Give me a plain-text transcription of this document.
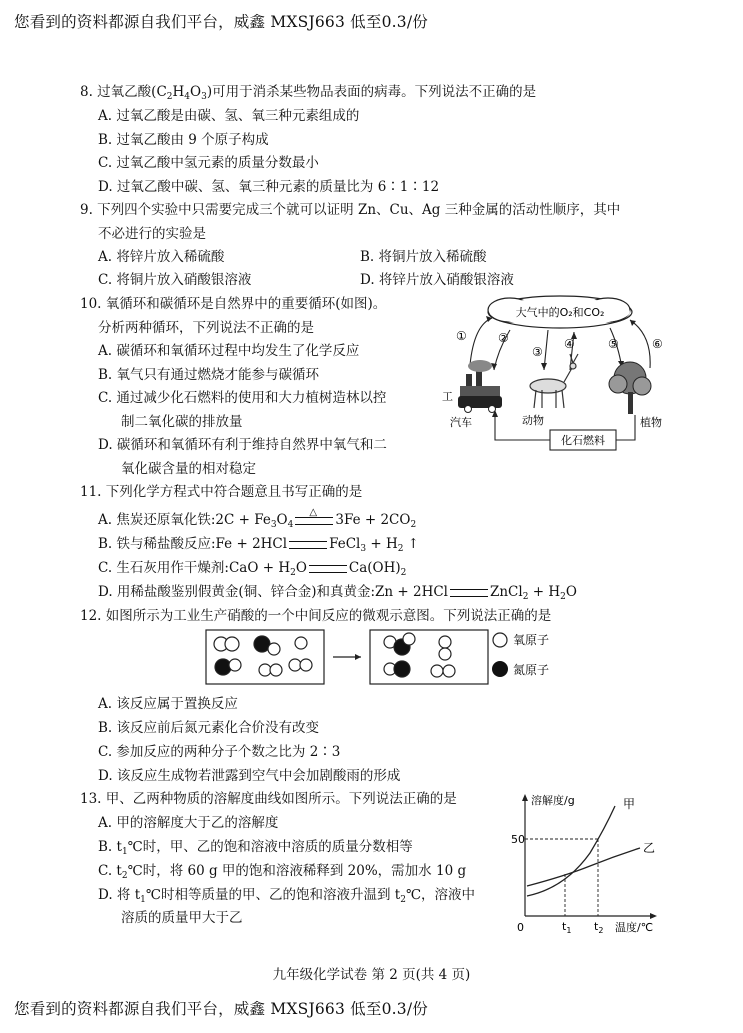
您看到的资料都源自我们平台，威鑫 MXSJ663 低至0.3/份
8. 过氧乙酸$(C_2H_4O_3)$可用于消杀某些物品表面的病毒。下列说法不正确的是
A. 过氧乙酸是由碳、氢、氧三种元素组成的
B. 过氧乙酸由 9 个原子构成
C. 过氧乙酸中氢元素的质量分数最小
D. 过氧乙酸中碳、氢、氧三种元素的质量比为 6∶1∶12
9. 下列四个实验中只需要完成三个就可以证明 Zn、Cu、Ag 三种金属的活动性顺序，其中
不必进行的实验是
A. 将锌片放入稀硫酸	B. 将铜片放入稀硫酸
C. 将铜片放入硝酸银溶液	D. 将锌片放入硝酸银溶液
10. 氧循环和碳循环是自然界中的重要循环(如图)。
分析两种循环，下列说法不正确的是
A. 碳循环和氧循环过程中均发生了化学反应
B. 氧气只有通过燃烧才能参与碳循环
C. 通过减少化石燃料的使用和大力植树造林以控
制二氧化碳的排放量
D. 碳循环和氧循环有利于维持自然界中氧气和二
氧化碳含量的相对稳定
大气中的O₂和CO₂
①	②
③
④	⑤	⑥
工
汽车	动物	植物
化石燃料
11. 下列化学方程式中符合题意且书写正确的是
A. 焦炭还原氧化铁:2C + $Fe_3O_4$
△ $3Fe + 2CO_2$
B. 铁与稀盐酸反应:Fe + 2HCl	FeCl$_3$ + $H_2$ ↑
C. 生石灰用作干燥剂:CaO + $H_2O$	$Ca(OH)_2$
D. 用稀盐酸鉴别假黄金(铜、锌合金)和真黄金:Zn + 2HCl	ZnCl$_2$ + $H_2O$
12. 如图所示为工业生产硝酸的一个中间反应的微观示意图。下列说法正确的是
氧原子
氮原子
A. 该反应属于置换反应
B. 该反应前后氮元素化合价没有改变
C. 参加反应的两种分子个数之比为 2∶3
D. 该反应生成物若泄露到空气中会加剧酸雨的形成
13. 甲、乙两种物质的溶解度曲线如图所示。下列说法正确的是
A. 甲的溶解度大于乙的溶解度
B. $t_1℃$时，甲、乙的饱和溶液中溶质的质量分数相等
C. $t_2℃$时，将 60 g 甲的饱和溶液稀释到 20%，需加水 10 g
D. 将 $t_1℃$时相等质量的甲、乙的饱和溶液升温到 $t_2℃$，溶液中
溶质的质量甲大于乙
溶解度/g
温度/℃
50
0
甲
乙
$t_1$ $t_2$
九年级化学试卷 第 2 页(共 4 页)
您看到的资料都源自我们平台，威鑫 MXSJ663 低至0.3/份
